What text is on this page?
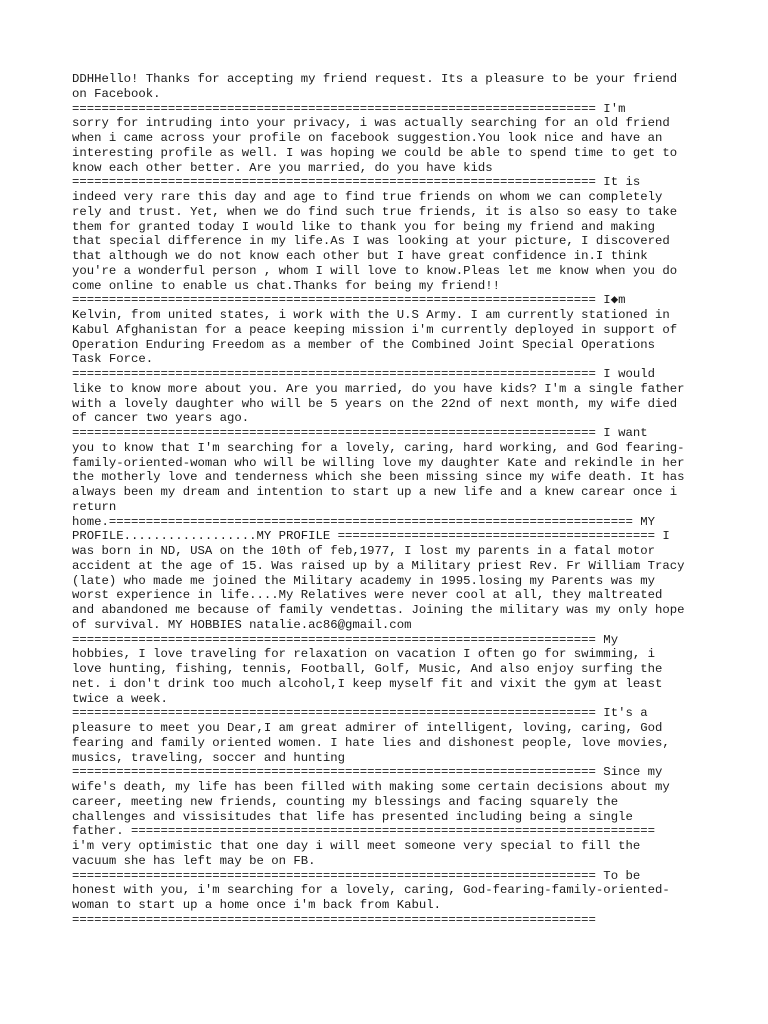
DDHHello! Thanks for accepting my friend request. Its a pleasure to be your friend
on Facebook.
======================================================================= I'm
sorry for intruding into your privacy, i was actually searching for an old friend
when i came across your profile on facebook suggestion.You look nice and have an
interesting profile as well. I was hoping we could be able to spend time to get to
know each other better. Are you married, do you have kids
======================================================================= It is
indeed very rare this day and age to find true friends on whom we can completely
rely and trust. Yet, when we do find such true friends, it is also so easy to take
them for granted today I would like to thank you for being my friend and making
that special difference in my life.As I was looking at your picture, I discovered
that although we do not know each other but I have great confidence in.I think
you're a wonderful person , whom I will love to know.Pleas let me know when you do
come online to enable us chat.Thanks for being my friend!!
======================================================================= I◆m
Kelvin, from united states, i work with the U.S Army. I am currently stationed in
Kabul Afghanistan for a peace keeping mission i'm currently deployed in support of
Operation Enduring Freedom as a member of the Combined Joint Special Operations
Task Force.
======================================================================= I would
like to know more about you. Are you married, do you have kids? I'm a single father
with a lovely daughter who will be 5 years on the 22nd of next month, my wife died
of cancer two years ago.
======================================================================= I want
you to know that I'm searching for a lovely, caring, hard working, and God fearing-
family-oriented-woman who will be willing love my daughter Kate and rekindle in her
the motherly love and tenderness which she been missing since my wife death. It has
always been my dream and intention to start up a new life and a knew carear once i
return
home.======================================================================= MY
PROFILE..................MY PROFILE =========================================== I
was born in ND, USA on the 10th of feb,1977, I lost my parents in a fatal motor
accident at the age of 15. Was raised up by a Military priest Rev. Fr William Tracy
(late) who made me joined the Military academy in 1995.losing my Parents was my
worst experience in life....My Relatives were never cool at all, they maltreated
and abandoned me because of family vendettas. Joining the military was my only hope
of survival. MY HOBBIES natalie.ac86@gmail.com
======================================================================= My
hobbies, I love traveling for relaxation on vacation I often go for swimming, i
love hunting, fishing, tennis, Football, Golf, Music, And also enjoy surfing the
net. i don't drink too much alcohol,I keep myself fit and vixit the gym at least
twice a week.
======================================================================= It's a
pleasure to meet you Dear,I am great admirer of intelligent, loving, caring, God
fearing and family oriented women. I hate lies and dishonest people, love movies,
musics, traveling, soccer and hunting
======================================================================= Since my
wife's death, my life has been filled with making some certain decisions about my
career, meeting new friends, counting my blessings and facing squarely the
challenges and vissisitudes that life has presented including being a single
father. =======================================================================
i'm very optimistic that one day i will meet someone very special to fill the
vacuum she has left may be on FB.
======================================================================= To be
honest with you, i'm searching for a lovely, caring, God-fearing-family-oriented-
woman to start up a home once i'm back from Kabul.
=======================================================================
